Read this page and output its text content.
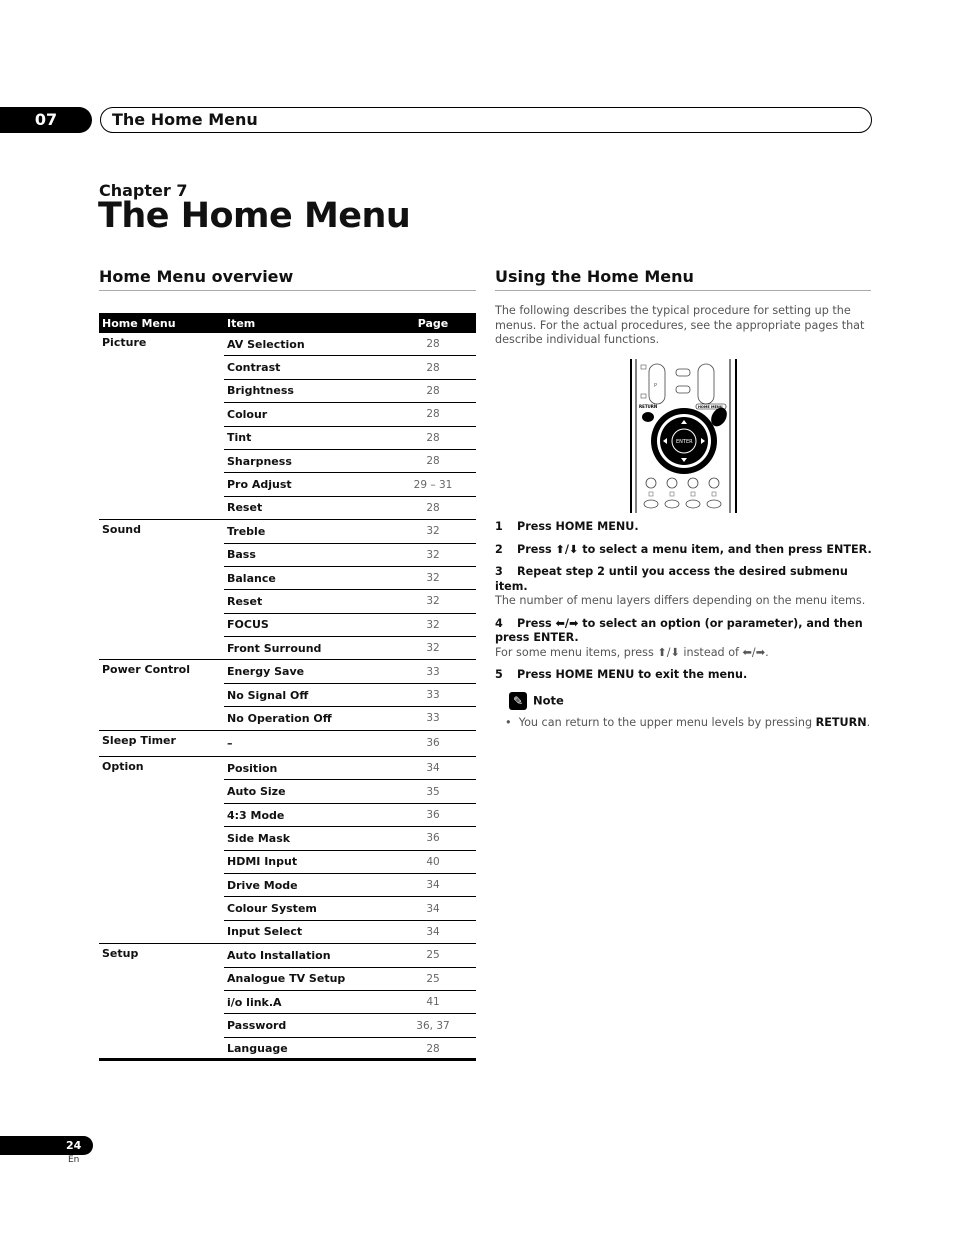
07	The Home Menu
Chapter 7
The Home Menu
Home Menu overview	Using the Home Menu
Home Menu	Item	Page
Picture	AV Selection	28
	Contrast	28
	Brightness	28
	Colour	28
	Tint	28
	Sharpness	28
	Pro Adjust	29 – 31
	Reset	28
Sound	Treble	32
	Bass	32
	Balance	32
	Reset	32
	FOCUS	32
	Front Surround	32
Power Control	Energy Save	33
	No Signal Off	33
	No Operation Off	33
Sleep Timer	–	36
Option	Position	34
	Auto Size	35
	4:3 Mode	36
	Side Mask	36
	HDMI Input	40
	Drive Mode	34
	Colour System	34
	Input Select	34
Setup	Auto Installation	25
	Analogue TV Setup	25
	i/o link.A	41
	Password	36, 37
	Language	28
The following describes the typical procedure for setting up the menus. For the actual procedures, see the appropriate pages that describe individual functions.
P
RETURN	HOME MENU
ENTER
1 Press HOME MENU.
2 Press ⬆/⬇ to select a menu item, and then press ENTER.
3 Repeat step 2 until you access the desired submenu item.
The number of menu layers differs depending on the menu items.
4 Press ⬅/➡ to select an option (or parameter), and then press ENTER.
For some menu items, press ⬆/⬇ instead of ⬅/➡.
5 Press HOME MENU to exit the menu.
✎ Note
•  You can return to the upper menu levels by pressing RETURN.
24
En
